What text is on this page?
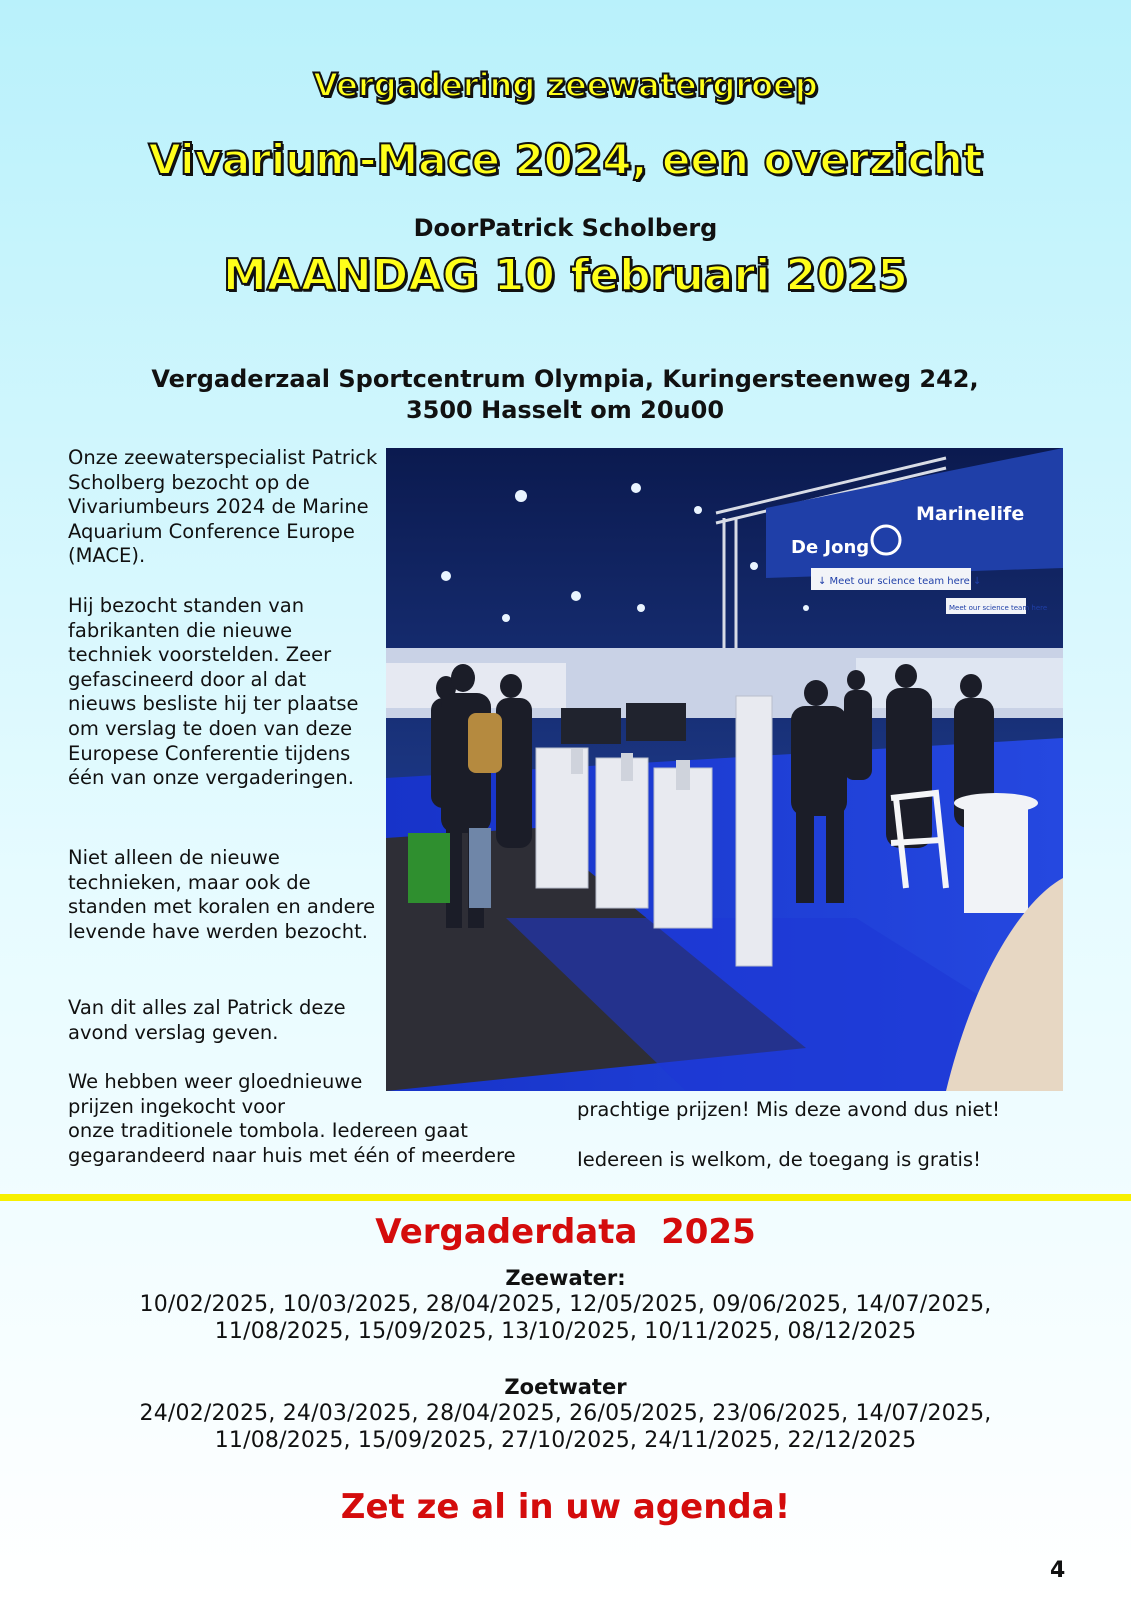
Vergadering zeewatergroep
Vivarium-Mace 2024, een overzicht
DoorPatrick Scholberg
MAANDAG 10 februari 2025
Vergaderzaal Sportcentrum Olympia, Kuringersteenweg 242,
3500 Hasselt om 20u00

Onze zeewaterspecialist Patrick Scholberg bezocht op de Vivariumbeurs 2024 de Marine Aquarium Conference Europe (MACE).

Hij bezocht standen van fabrikanten die nieuwe techniek voorstelden. Zeer gefascineerd door al dat nieuws besliste hij ter plaatse om verslag te doen van deze Europese Conferentie tijdens één van onze vergaderingen.

Niet alleen de nieuwe technieken, maar ook de standen met koralen en andere levende have werden bezocht.

Van dit alles zal Patrick deze avond verslag geven.

We hebben weer gloednieuwe prijzen ingekocht voor

onze traditionele tombola. Iedereen gaat gegarandeerd naar huis met één of meerdere

prachtige prijzen! Mis deze avond dus niet!

Iedereen is welkom, de toegang is gratis!

De Jong
Marinelife
↓ Meet our science team here ↓
Meet our science team here
Vergaderdata  2025
Zeewater:
10/02/2025, 10/03/2025, 28/04/2025, 12/05/2025, 09/06/2025, 14/07/2025,
11/08/2025, 15/09/2025, 13/10/2025, 10/11/2025, 08/12/2025
Zoetwater
24/02/2025, 24/03/2025, 28/04/2025, 26/05/2025, 23/06/2025, 14/07/2025,
11/08/2025, 15/09/2025, 27/10/2025, 24/11/2025, 22/12/2025
Zet ze al in uw agenda!
4
